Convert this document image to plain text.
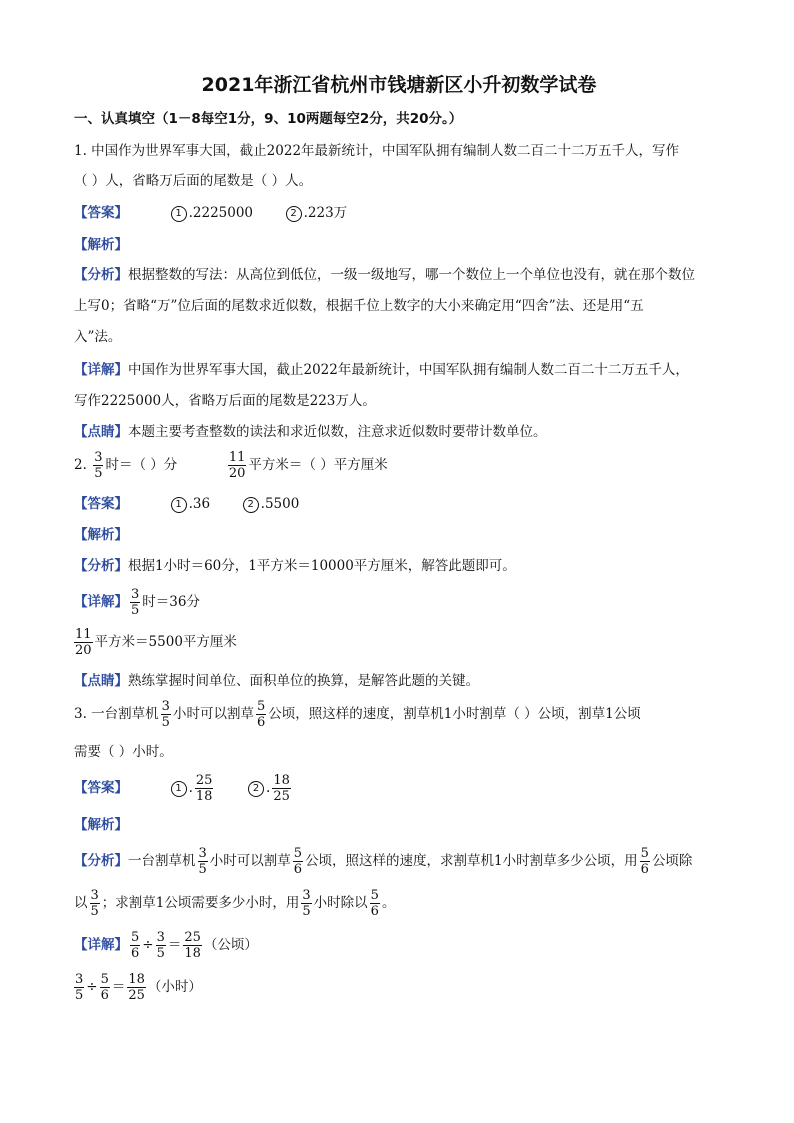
2021年浙江省杭州市钱塘新区小升初数学试卷
一、认真填空（1－8每空1分，9、10两题每空2分，共20分。）
1. 中国作为世界军事大国，截止2022年最新统计，中国军队拥有编制人数二百二十二万五千人，写作
（ ）人，省略万后面的尾数是（ ）人。
【答案】	1 .2225000	2 .223万
【解析】
【分析】根据整数的写法：从高位到低位，一级一级地写，哪一个数位上一个单位也没有，就在那个数位
上写0；省略“万”位后面的尾数求近似数，根据千位上数字的大小来确定用“四舍”法、还是用“五
入”法。
【详解】中国作为世界军事大国，截止2022年最新统计，中国军队拥有编制人数二百二十二万五千人，
写作2225000人，省略万后面的尾数是223万人。
【点睛】本题主要考查整数的读法和求近似数，注意求近似数时要带计数单位。
2. $\frac{3}{5}$ 时＝（ ）分	$\frac{11}{20}$ 平方米＝（ ）平方厘米
【答案】	1 .36	2 .5500
【解析】
【分析】根据1小时＝60分，1平方米＝10000平方厘米，解答此题即可。
【详解】 $\frac{3}{5}$ 时＝36分
$\frac{11}{20}$ 平方米＝5500平方厘米
【点睛】熟练掌握时间单位、面积单位的换算，是解答此题的关键。
3. 一台割草机 $\frac{3}{5}$ 小时可以割草 $\frac{5}{6}$ 公顷，照这样的速度，割草机1小时割草（ ）公顷，割草1公顷
需要（ ）小时。
【答案】	1 . $\frac{25}{18}$	2 . $\frac{18}{25}$
【解析】
【分析】一台割草机 $\frac{3}{5}$ 小时可以割草 $\frac{5}{6}$ 公顷，照这样的速度，求割草机1小时割草多少公顷，用 $\frac{5}{6}$ 公顷除
以 $\frac{3}{5}$ ；求割草1公顷需要多少小时，用 $\frac{3}{5}$ 小时除以 $\frac{5}{6}$ 。
【详解】 $\frac{5}{6} \div \frac{3}{5} = \frac{25}{18}$ （公顷）
$\frac{3}{5} \div \frac{5}{6} = \frac{18}{25}$ （小时）
